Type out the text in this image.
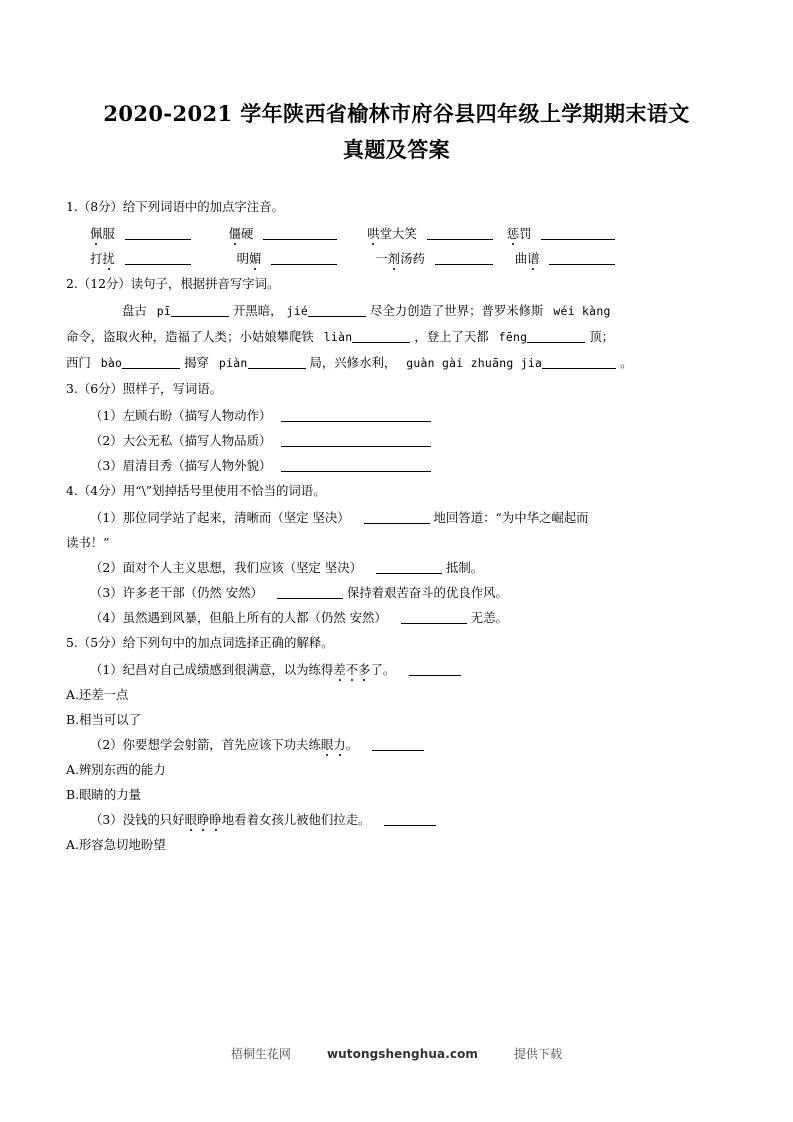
2020-2021 学年陕西省榆林市府谷县四年级上学期期末语文
真题及答案
1.（8分）给下列词语中的加点字注音。
佩服	僵硬	哄堂大笑	惩罚
打扰	明媚	一剂汤药	曲谱
2.（12分）读句子，根据拼音写字词。
盘古 pī	开黑暗， jié	尽全力创造了世界；普罗米修斯 wéi kàng
命令，盗取火种，造福了人类；小姑娘攀爬铁 liàn	，登上了天都 fēng	顶；
西门 bào	揭穿 piàn	局，兴修水利， guàn gài zhuāng jia	。
3.（6分）照样子，写词语。
（1）左顾右盼（描写人物动作）
（2）大公无私（描写人物品质）
（3）眉清目秀（描写人物外貌）
4.（4分）用“\”划掉括号里使用不恰当的词语。
（1）那位同学站了起来，清晰而（坚定 坚决）	地回答道：“为中华之崛起而
读书！”
（2）面对个人主义思想，我们应该（坚定 坚决）	抵制。
（3）许多老干部（仍然 安然）	保持着艰苦奋斗的优良作风。
（4）虽然遇到风暴，但船上所有的人都（仍然 安然）	无恙。
5.（5分）给下列句中的加点词选择正确的解释。
（1）纪昌对自己成绩感到很满意，以为练得差不多了。
A.还差一点
B.相当可以了
（2）你要想学会射箭，首先应该下功夫练眼力。
A.辨别东西的能力
B.眼睛的力量
（3）没钱的只好眼睁睁地看着女孩儿被他们拉走。
A.形容急切地盼望
梧桐生花网	wutongshenghua.com	提供下载
